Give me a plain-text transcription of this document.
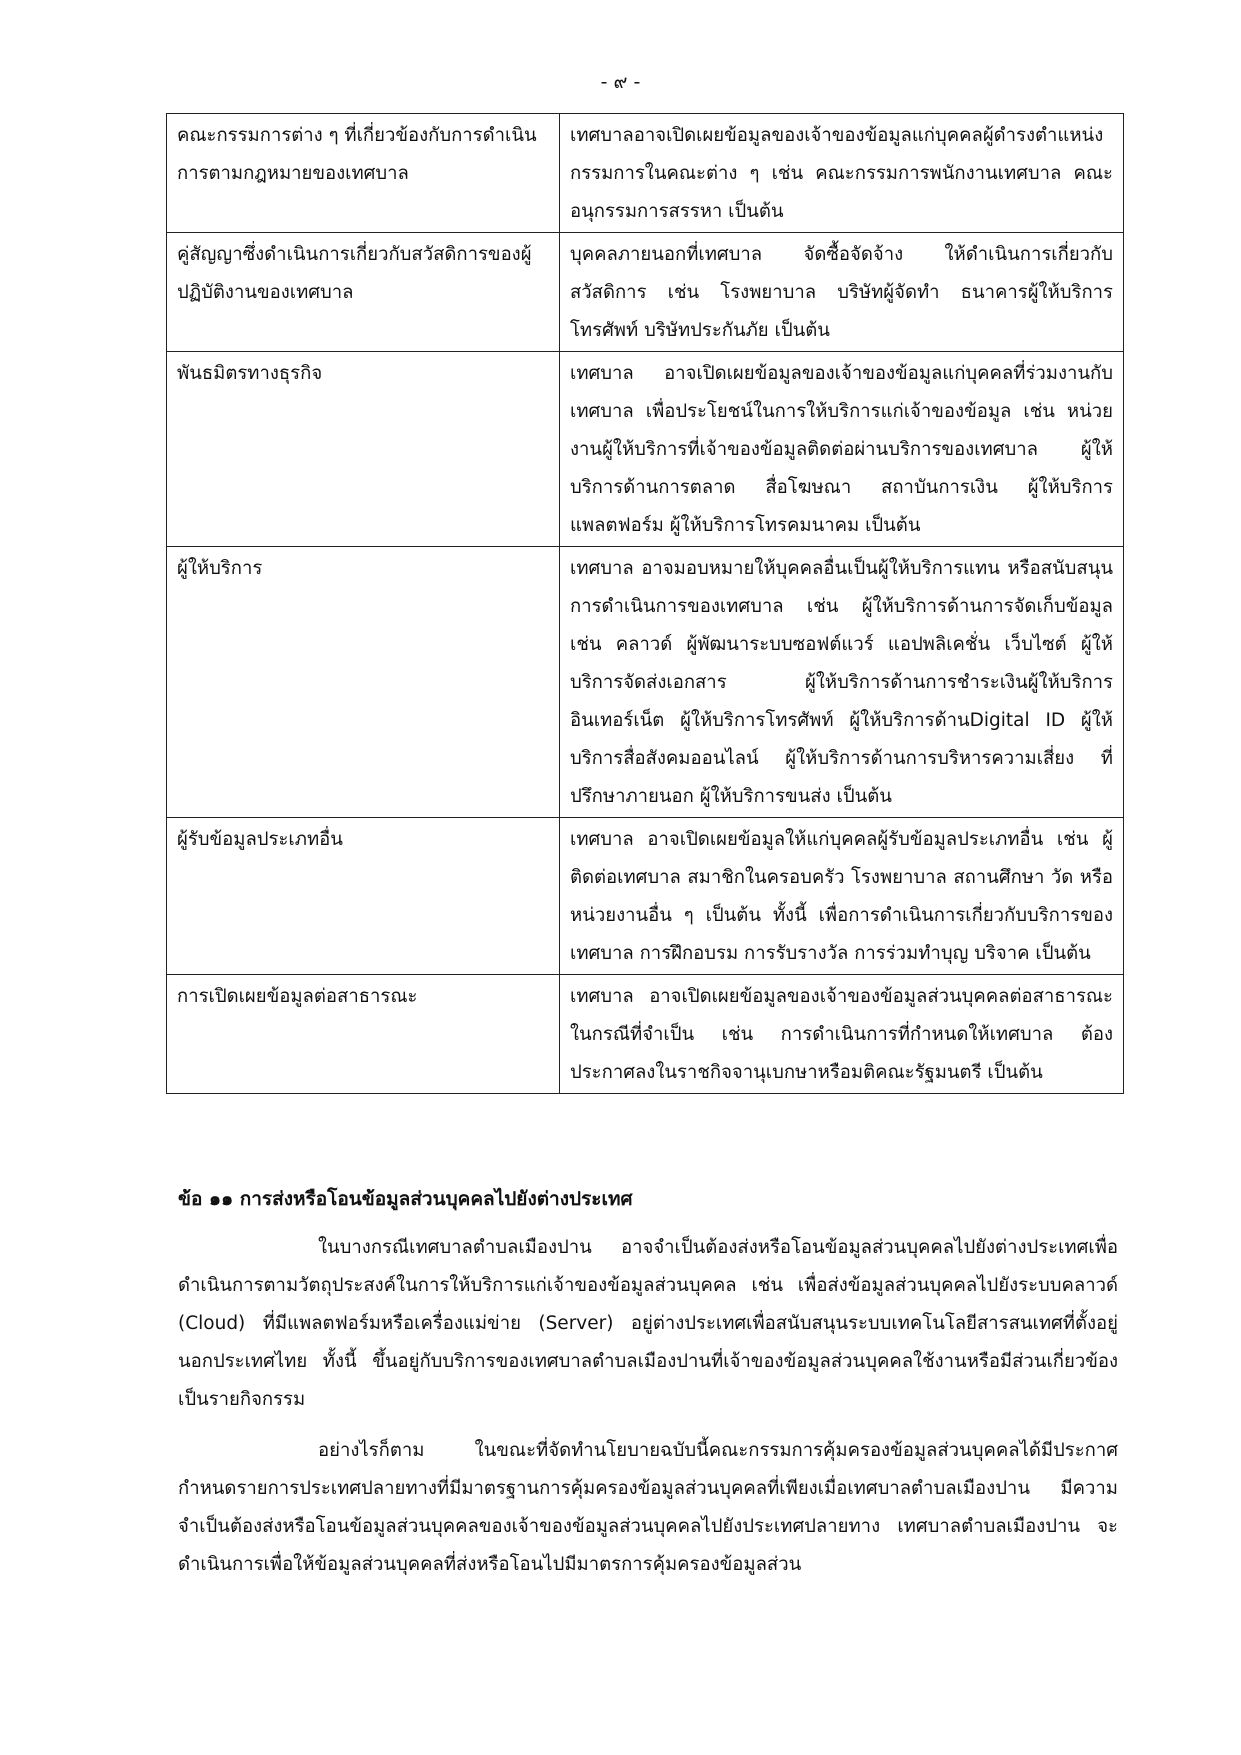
- ๙ -
คณะกรรมการต่าง ๆ ที่เกี่ยวข้องกับการดำเนินการตามกฎหมายของเทศบาล	เทศบาลอาจเปิดเผยข้อมูลของเจ้าของข้อมูลแก่บุคคลผู้ดำรงตำแหน่งกรรมการในคณะต่าง ๆ เช่น คณะกรรมการพนักงานเทศบาล คณะอนุกรรมการสรรหา เป็นต้น
คู่สัญญาซึ่งดำเนินการเกี่ยวกับสวัสดิการของผู้ปฏิบัติงานของเทศบาล	บุคคลภายนอกที่เทศบาล จัดซื้อจัดจ้าง ให้ดำเนินการเกี่ยวกับสวัสดิการ เช่น โรงพยาบาล บริษัทผู้จัดทำ ธนาคารผู้ให้บริการโทรศัพท์ บริษัทประกันภัย เป็นต้น
พันธมิตรทางธุรกิจ	เทศบาล อาจเปิดเผยข้อมูลของเจ้าของข้อมูลแก่บุคคลที่ร่วมงานกับเทศบาล เพื่อประโยชน์ในการให้บริการแก่เจ้าของข้อมูล เช่น หน่วยงานผู้ให้บริการที่เจ้าของข้อมูลติดต่อผ่านบริการของเทศบาล ผู้ให้บริการด้านการตลาด สื่อโฆษณา สถาบันการเงิน ผู้ให้บริการแพลตฟอร์ม ผู้ให้บริการโทรคมนาคม เป็นต้น
ผู้ให้บริการ	เทศบาล อาจมอบหมายให้บุคคลอื่นเป็นผู้ให้บริการแทน หรือสนับสนุนการดำเนินการของเทศบาล เช่น ผู้ให้บริการด้านการจัดเก็บข้อมูล เช่น คลาวด์ ผู้พัฒนาระบบซอฟต์แวร์ แอปพลิเคชั่น เว็บไซต์ ผู้ให้บริการจัดส่งเอกสาร ผู้ให้บริการด้านการชำระเงินผู้ให้บริการอินเทอร์เน็ต ผู้ให้บริการโทรศัพท์ ผู้ให้บริการด้านDigital ID ผู้ให้บริการสื่อสังคมออนไลน์ ผู้ให้บริการด้านการบริหารความเสี่ยง ที่ปรึกษาภายนอก ผู้ให้บริการขนส่ง เป็นต้น
ผู้รับข้อมูลประเภทอื่น	เทศบาล อาจเปิดเผยข้อมูลให้แก่บุคคลผู้รับข้อมูลประเภทอื่น เช่น ผู้ติดต่อเทศบาล สมาชิกในครอบครัว โรงพยาบาล สถานศึกษา วัด หรือหน่วยงานอื่น ๆ เป็นต้น ทั้งนี้ เพื่อการดำเนินการเกี่ยวกับบริการของเทศบาล การฝึกอบรม การรับรางวัล การร่วมทำบุญ บริจาค เป็นต้น
การเปิดเผยข้อมูลต่อสาธารณะ	เทศบาล อาจเปิดเผยข้อมูลของเจ้าของข้อมูลส่วนบุคคลต่อสาธารณะในกรณีที่จำเป็น เช่น การดำเนินการที่กำหนดให้เทศบาล ต้องประกาศลงในราชกิจจานุเบกษาหรือมติคณะรัฐมนตรี เป็นต้น
ข้อ ๑๑ การส่งหรือโอนข้อมูลส่วนบุคคลไปยังต่างประเทศ

ในบางกรณีเทศบาลตำบลเมืองปาน อาจจำเป็นต้องส่งหรือโอนข้อมูลส่วนบุคคลไปยังต่างประเทศเพื่อดำเนินการตามวัตถุประสงค์ในการให้บริการแก่เจ้าของข้อมูลส่วนบุคคล เช่น เพื่อส่งข้อมูลส่วนบุคคลไปยังระบบคลาวด์ (Cloud) ที่มีแพลตฟอร์มหรือเครื่องแม่ข่าย (Server) อยู่ต่างประเทศเพื่อสนับสนุนระบบเทคโนโลยีสารสนเทศที่ตั้งอยู่นอกประเทศไทย ทั้งนี้ ขึ้นอยู่กับบริการของเทศบาลตำบลเมืองปานที่เจ้าของข้อมูลส่วนบุคคลใช้งานหรือมีส่วนเกี่ยวข้องเป็นรายกิจกรรม

อย่างไรก็ตาม ในขณะที่จัดทำนโยบายฉบับนี้คณะกรรมการคุ้มครองข้อมูลส่วนบุคคลได้มีประกาศกำหนดรายการประเทศปลายทางที่มีมาตรฐานการคุ้มครองข้อมูลส่วนบุคคลที่เพียงเมื่อเทศบาลตำบลเมืองปาน มีความจำเป็นต้องส่งหรือโอนข้อมูลส่วนบุคคลของเจ้าของข้อมูลส่วนบุคคลไปยังประเทศปลายทาง เทศบาลตำบลเมืองปาน จะดำเนินการเพื่อให้ข้อมูลส่วนบุคคลที่ส่งหรือโอนไปมีมาตรการคุ้มครองข้อมูลส่วน
